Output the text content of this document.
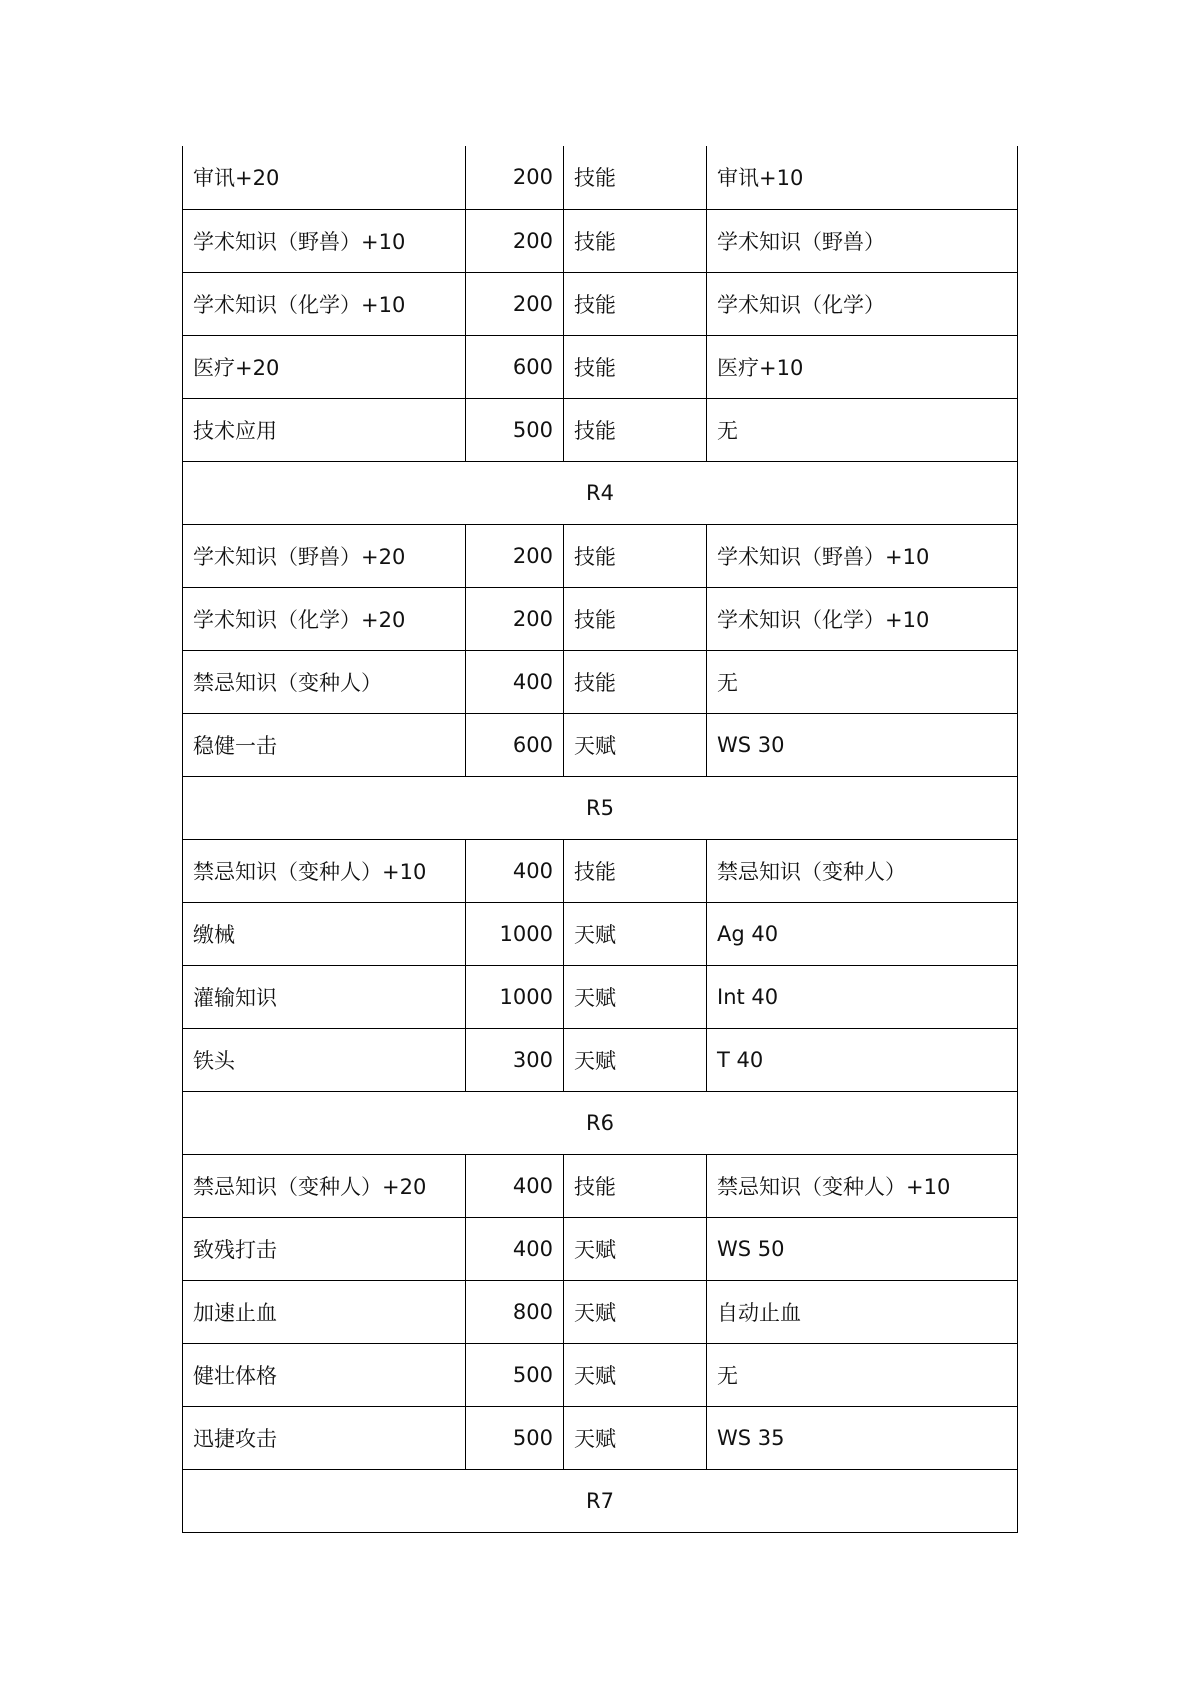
审讯+20	200	技能	审讯+10
学术知识（野兽）+10	200	技能	学术知识（野兽）
学术知识（化学）+10	200	技能	学术知识（化学）
医疗+20	600	技能	医疗+10
技术应用	500	技能	无
R4			
学术知识（野兽）+20	200	技能	学术知识（野兽）+10
学术知识（化学）+20	200	技能	学术知识（化学）+10
禁忌知识（变种人）	400	技能	无
稳健一击	600	天赋	WS 30
R5			
禁忌知识（变种人）+10	400	技能	禁忌知识（变种人）
缴械	1000	天赋	Ag 40
灌输知识	1000	天赋	Int 40
铁头	300	天赋	T 40
R6			
禁忌知识（变种人）+20	400	技能	禁忌知识（变种人）+10
致残打击	400	天赋	WS 50
加速止血	800	天赋	自动止血
健壮体格	500	天赋	无
迅捷攻击	500	天赋	WS 35
R7			
